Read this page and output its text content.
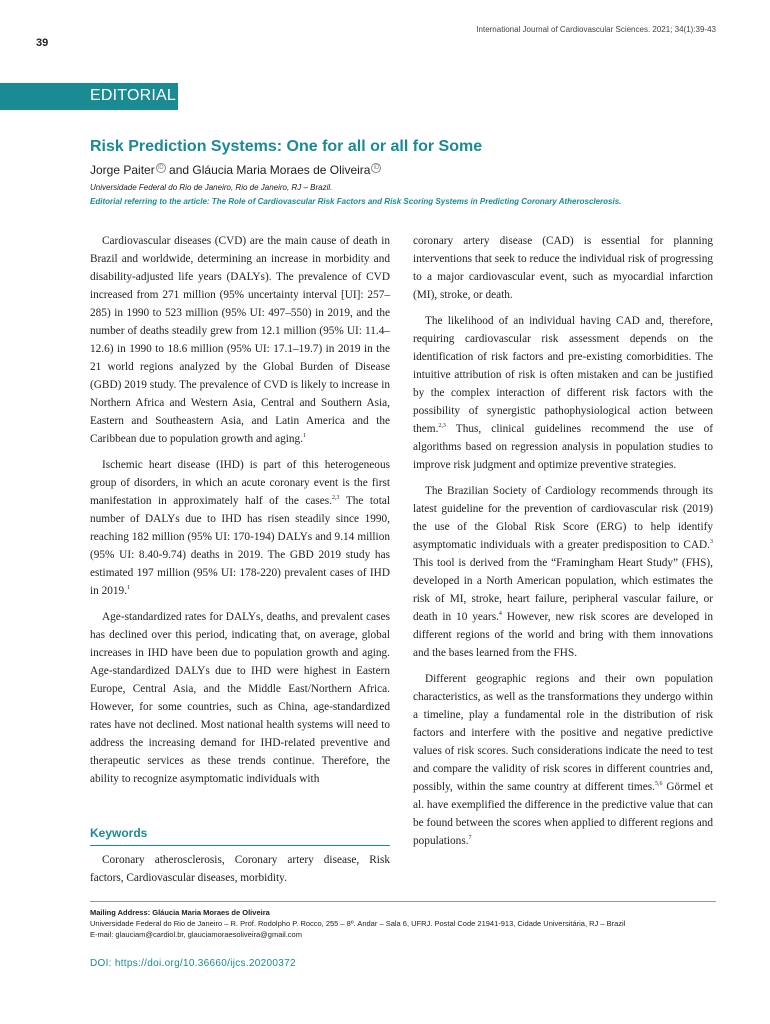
International Journal of Cardiovascular Sciences. 2021; 34(1):39-43
39
EDITORIAL
Risk Prediction Systems: One for all or all for Some
Jorge Paiter iD and Gláucia Maria Moraes de Oliveira iD
Universidade Federal do Rio de Janeiro, Rio de Janeiro, RJ – Brazil.
Editorial referring to the article: The Role of Cardiovascular Risk Factors and Risk Scoring Systems in Predicting Coronary Atherosclerosis.

Cardiovascular diseases (CVD) are the main cause of death in Brazil and worldwide, determining an increase in morbidity and disability-adjusted life years (DALYs). The prevalence of CVD increased from 271 million (95% uncertainty interval [UI]: 257–285) in 1990 to 523 million (95% UI: 497–550) in 2019, and the number of deaths steadily grew from 12.1 million (95% UI: 11.4–12.6) in 1990 to 18.6 million (95% UI: 17.1–19.7) in 2019 in the 21 world regions analyzed by the Global Burden of Disease (GBD) 2019 study. The prevalence of CVD is likely to increase in Northern Africa and Western Asia, Central and Southern Asia, Eastern and Southeastern Asia, and Latin America and the Caribbean due to population growth and aging.$^1$

Ischemic heart disease (IHD) is part of this heterogeneous group of disorders, in which an acute coronary event is the first manifestation in approximately half of the cases.$^{2,3}$ The total number of DALYs due to IHD has risen steadily since 1990, reaching 182 million (95% UI: 170-194) DALYs and 9.14 million (95% UI: 8.40-9.74) deaths in 2019. The GBD 2019 study has estimated 197 million (95% UI: 178-220) prevalent cases of IHD in 2019.$^1$

Age-standardized rates for DALYs, deaths, and prevalent cases has declined over this period, indicating that, on average, global increases in IHD have been due to population growth and aging. Age-standardized DALYs due to IHD were highest in Eastern Europe, Central Asia, and the Middle East/Northern Africa. However, for some countries, such as China, age-standardized rates have not declined. Most national health systems will need to address the increasing demand for IHD-related preventive and therapeutic services as these trends continue. Therefore, the ability to recognize asymptomatic individuals with

coronary artery disease (CAD) is essential for planning interventions that seek to reduce the individual risk of progressing to a major cardiovascular event, such as myocardial infarction (MI), stroke, or death.

The likelihood of an individual having CAD and, therefore, requiring cardiovascular risk assessment depends on the identification of risk factors and pre-existing comorbidities. The intuitive attribution of risk is often mistaken and can be justified by the complex interaction of different risk factors with the possibility of synergistic pathophysiological action between them.$^{2,3}$ Thus, clinical guidelines recommend the use of algorithms based on regression analysis in population studies to improve risk judgment and optimize preventive strategies.

The Brazilian Society of Cardiology recommends through its latest guideline for the prevention of cardiovascular risk (2019) the use of the Global Risk Score (ERG) to help identify asymptomatic individuals with a greater predisposition to CAD.$^3$ This tool is derived from the “Framingham Heart Study” (FHS), developed in a North American population, which estimates the risk of MI, stroke, heart failure, peripheral vascular failure, or death in 10 years.$^4$ However, new risk scores are developed in different regions of the world and bring with them innovations and the bases learned from the FHS.

Different geographic regions and their own population characteristics, as well as the transformations they undergo within a timeline, play a fundamental role in the distribution of risk factors and interfere with the positive and negative predictive values of risk scores. Such considerations indicate the need to test and compare the validity of risk scores in different countries and, possibly, within the same country at different times.$^{5,6}$ Görmel et al. have exemplified the difference in the predictive value that can be found between the scores when applied to different regions and populations.$^7$

Keywords

Coronary atherosclerosis, Coronary artery disease, Risk factors, Cardiovascular diseases, morbidity.

Mailing Address: Gláucia Maria Moraes de Oliveira
Universidade Federal do Rio de Janeiro – R. Prof. Rodolpho P. Rocco, 255 – 8º. Andar – Sala 6, UFRJ. Postal Code 21941-913, Cidade Universitária, RJ – Brazil
E-mail: glauciam@cardiol.br, glauciamoraesoliveira@gmail.com
DOI: https://doi.org/10.36660/ijcs.20200372
